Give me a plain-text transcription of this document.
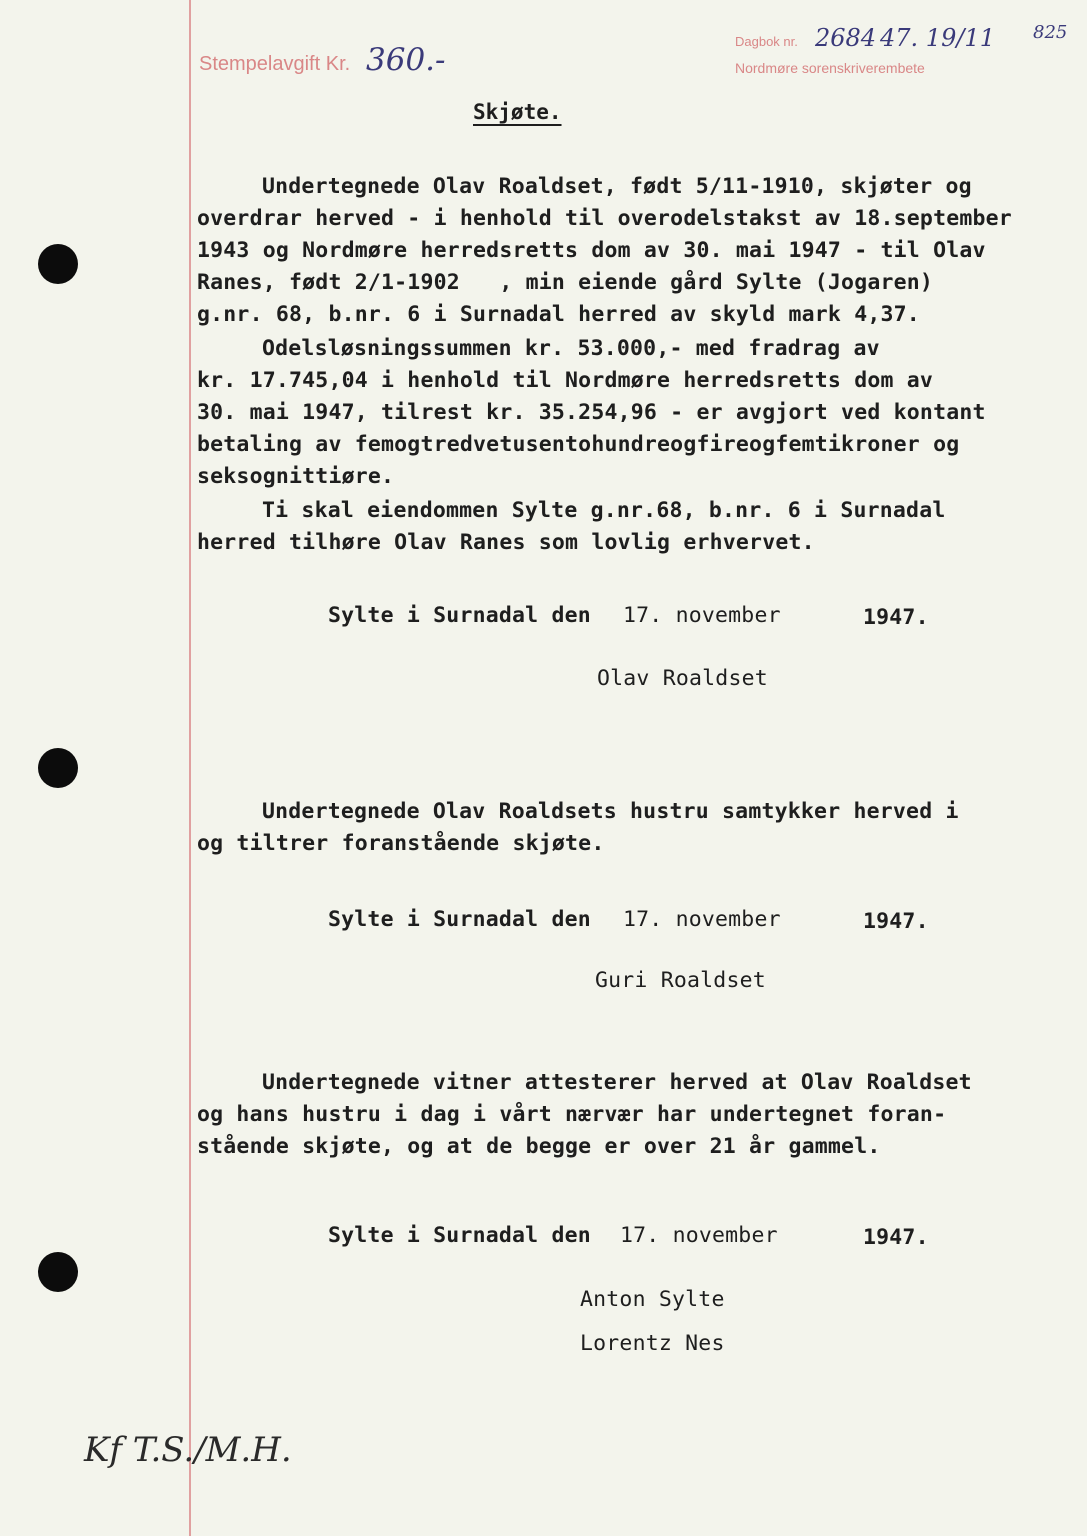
Stempelavgift Kr. 360.-
Dagbok nr. 2684 47. 19/11 825
Nordmøre sorenskriverembete
Skjøte.
Undertegnede Olav Roaldset, født 5/11-1910, skjøter og
overdrar herved - i henhold til overodelstakst av 18.september
1943 og Nordmøre herredsretts dom av 30. mai 1947 - til Olav
Ranes, født 2/1-1902   , min eiende gård Sylte (Jogaren)
g.nr. 68, b.nr. 6 i Surnadal herred av skyld mark 4,37.
Odelsløsningssummen kr. 53.000,- med fradrag av
kr. 17.745,04 i henhold til Nordmøre herredsretts dom av
30. mai 1947, tilrest kr. 35.254,96 - er avgjort ved kontant
betaling av femogtredvetusentohundreogfireogfemtikroner og
seksognittiøre.
Ti skal eiendommen Sylte g.nr.68, b.nr. 6 i Surnadal
herred tilhøre Olav Ranes som lovlig erhvervet.
Sylte i Surnadal den 17. november	1947.
Olav Roaldset
Undertegnede Olav Roaldsets hustru samtykker herved i
og tiltrer foranstående skjøte.
Sylte i Surnadal den 17. november	1947.
Guri Roaldset
Undertegnede vitner attesterer herved at Olav Roaldset
og hans hustru i dag i vårt nærvær har undertegnet foran-
stående skjøte, og at de begge er over 21 år gammel.
Sylte i Surnadal den 17. november	1947.
Anton Sylte
Lorentz Nes
Kf T.S./M.H.
